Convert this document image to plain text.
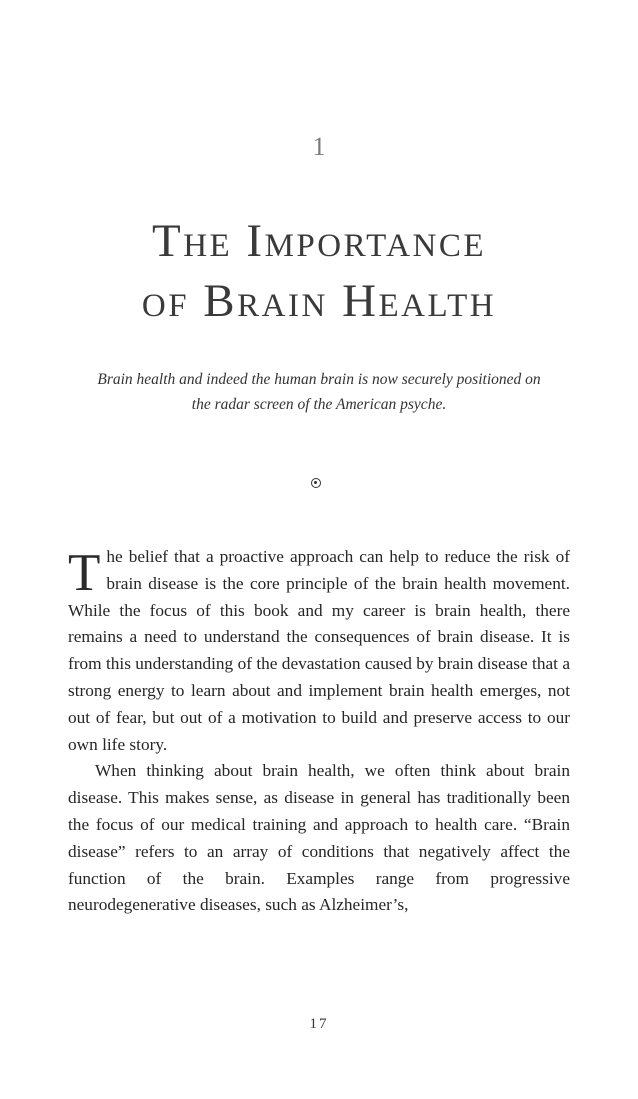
1
The Importance
of Brain Health
Brain health and indeed the human brain is now securely positioned on
the radar screen of the American psyche.

The belief that a proactive approach can help to reduce the risk of brain disease is the core principle of the brain health movement. While the focus of this book and my career is brain health, there remains a need to understand the consequences of brain disease. It is from this understanding of the devastation caused by brain disease that a strong energy to learn about and implement brain health emerges, not out of fear, but out of a motivation to build and preserve access to our own life story.

When thinking about brain health, we often think about brain disease. This makes sense, as disease in general has traditionally been the focus of our medical training and approach to health care. “Brain disease” refers to an array of conditions that negatively affect the function of the brain. Examples range from progressive neurodegenerative diseases, such as Alzheimer’s,

17
